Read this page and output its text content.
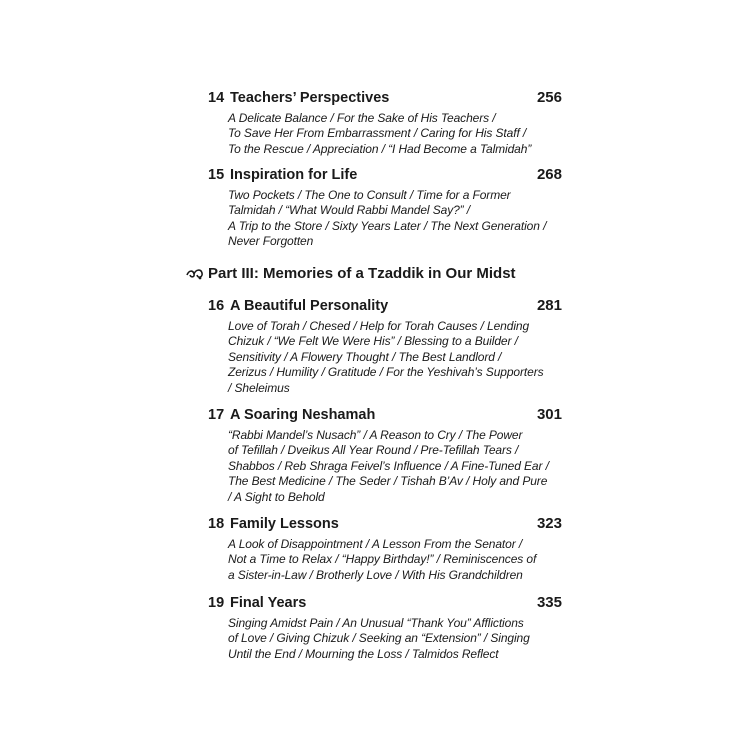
14 Teachers’ Perspectives	256
A Delicate Balance / For the Sake of His Teachers /
To Save Her From Embarrassment / Caring for His Staff /
To the Rescue / Appreciation / “I Had Become a Talmidah”
15 Inspiration for Life	268
Two Pockets / The One to Consult / Time for a Former
Talmidah / “What Would Rabbi Mandel Say?” /
A Trip to the Store / Sixty Years Later / The Next Generation /
Never Forgotten
Part III: Memories of a Tzaddik in Our Midst
16 A Beautiful Personality	281
Love of Torah / Chesed / Help for Torah Causes / Lending
Chizuk / “We Felt We Were His” / Blessing to a Builder /
Sensitivity / A Flowery Thought / The Best Landlord /
Zerizus / Humility / Gratitude / For the Yeshivah’s Supporters
/ Sheleimus
17 A Soaring Neshamah	301
“Rabbi Mandel’s Nusach” / A Reason to Cry / The Power
of Tefillah / Dveikus All Year Round / Pre-Tefillah Tears /
Shabbos / Reb Shraga Feivel’s Influence / A Fine-Tuned Ear /
The Best Medicine / The Seder / Tishah B’Av / Holy and Pure
/ A Sight to Behold
18 Family Lessons	323
A Look of Disappointment / A Lesson From the Senator /
Not a Time to Relax / “Happy Birthday!” / Reminiscences of
a Sister-in-Law / Brotherly Love / With His Grandchildren
19 Final Years	335
Singing Amidst Pain / An Unusual “Thank You” Afflictions
of Love / Giving Chizuk / Seeking an “Extension” / Singing
Until the End / Mourning the Loss / Talmidos Reflect
